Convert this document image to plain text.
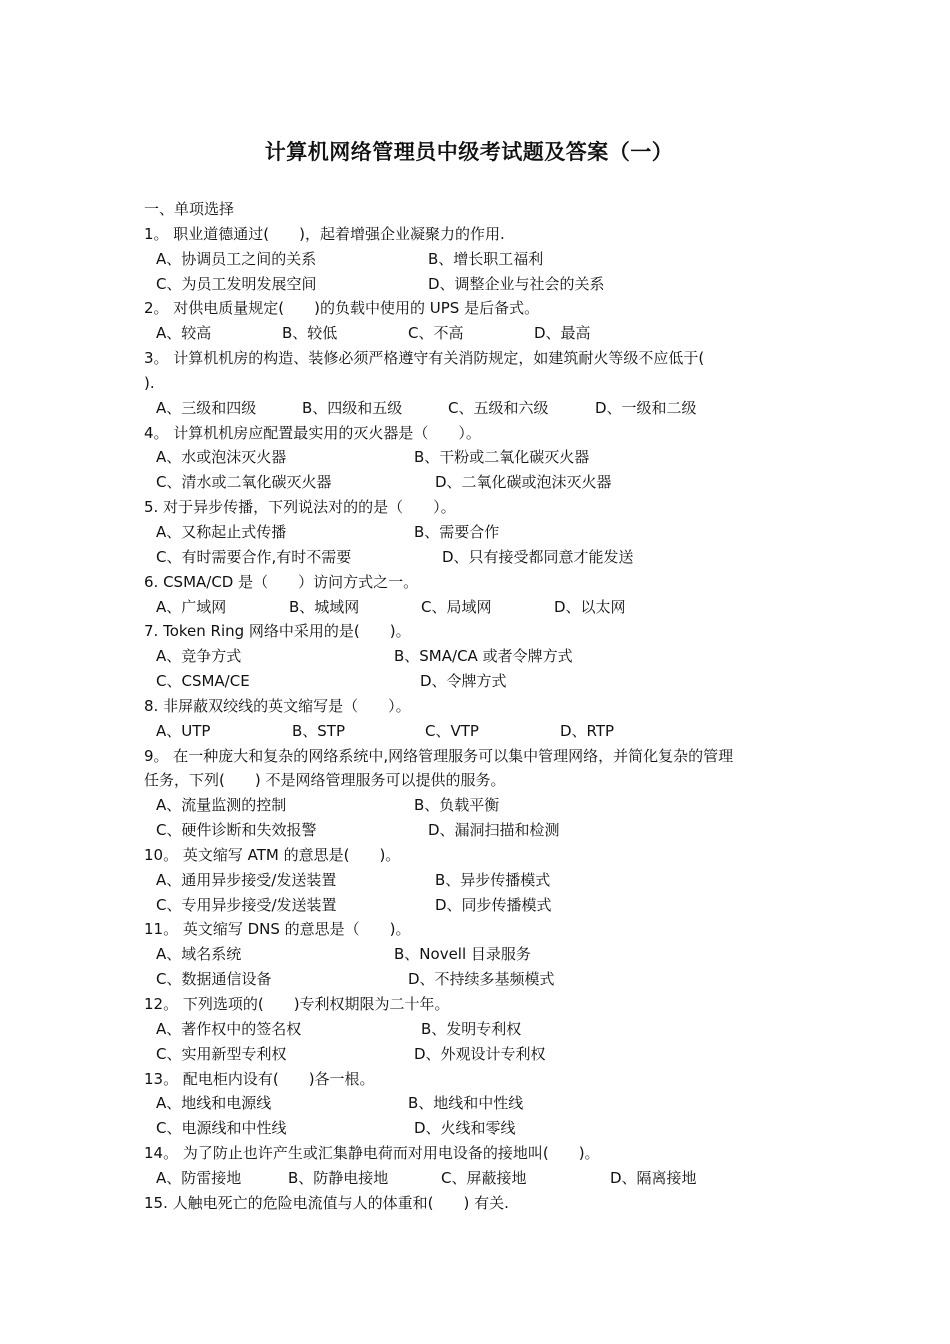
计算机网络管理员中级考试题及答案（一）
一、单项选择
1。 职业道德通过(　　)，起着增强企业凝聚力的作用.
A、协调员工之间的关系	B、增长职工福利
C、为员工发明发展空间	D、调整企业与社会的关系
2。 对供电质量规定(　　)的负载中使用的 UPS 是后备式。
A、较高	B、较低	C、不高	D、最高
3。 计算机机房的构造、装修必须严格遵守有关消防规定，如建筑耐火等级不应低于(
).
A、三级和四级	B、四级和五级	C、五级和六级	D、一级和二级
4。 计算机机房应配置最实用的灭火器是（　　）。
A、水或泡沫灭火器	B、干粉或二氧化碳灭火器
C、清水或二氧化碳灭火器	D、二氧化碳或泡沫灭火器
5. 对于异步传播，下列说法对的的是（　　）。
A、又称起止式传播	B、需要合作
C、有时需要合作,有时不需要	D、只有接受都同意才能发送
6. CSMA/CD 是（　　）访问方式之一。
A、广域网	B、城域网	C、局域网	D、以太网
7. Token Ring 网络中采用的是(　　)。
A、竞争方式	B、SMA/CA 或者令牌方式
C、CSMA/CE	D、令牌方式
8. 非屏蔽双绞线的英文缩写是（　　）。
A、UTP	B、STP	C、VTP	D、RTP
9。 在一种庞大和复杂的网络系统中,网络管理服务可以集中管理网络，并简化复杂的管理
任务，下列(　　) 不是网络管理服务可以提供的服务。
A、流量监测的控制	B、负载平衡
C、硬件诊断和失效报警	D、漏洞扫描和检测
10。 英文缩写 ATM 的意思是(　　)。
A、通用异步接受/发送装置	B、异步传播模式
C、专用异步接受/发送装置	D、同步传播模式
11。 英文缩写 DNS 的意思是（　　)。
A、域名系统	B、Novell 目录服务
C、数据通信设备	D、不持续多基频模式
12。 下列选项的(　　)专利权期限为二十年。
A、著作权中的签名权	B、发明专利权
C、实用新型专利权	D、外观设计专利权
13。 配电柜内设有(　　)各一根。
A、地线和电源线	B、地线和中性线
C、电源线和中性线	D、火线和零线
14。 为了防止也许产生或汇集静电荷而对用电设备的接地叫(　　)。
A、防雷接地	B、防静电接地	C、屏蔽接地	D、隔离接地
15. 人触电死亡的危险电流值与人的体重和(　　) 有关.
